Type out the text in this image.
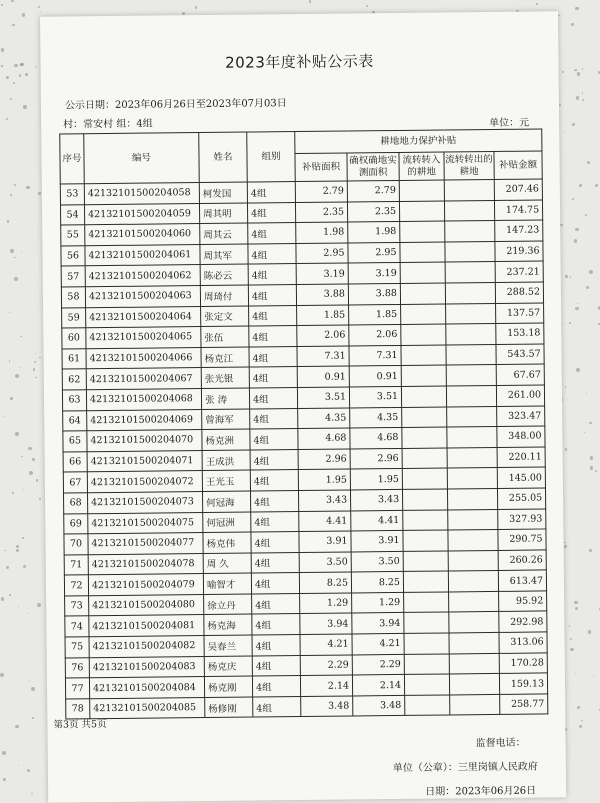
2023年度补贴公示表
公示日期：2023年06月26日至2023年07月03日
村：常安村 组：4组	单位：元
序号	编号	姓名	组别	耕地地力保护补贴				
				补贴面积	确权确地实测面积	流转转入的耕地	流转转出的耕地	补贴金额
53	42132101500204058	柯发国	4组	2.79	2.79			207.46
54	42132101500204059	周其明	4组	2.35	2.35			174.75
55	42132101500204060	周其云	4组	1.98	1.98			147.23
56	42132101500204061	周其军	4组	2.95	2.95			219.36
57	42132101500204062	陈必云	4组	3.19	3.19			237.21
58	42132101500204063	周琦付	4组	3.88	3.88			288.52
59	42132101500204064	张定文	4组	1.85	1.85			137.57
60	42132101500204065	张伍	4组	2.06	2.06			153.18
61	42132101500204066	杨克江	4组	7.31	7.31			543.57
62	42132101500204067	张光银	4组	0.91	0.91			67.67
63	42132101500204068	张 涛	4组	3.51	3.51			261.00
64	42132101500204069	曾海军	4组	4.35	4.35			323.47
65	42132101500204070	杨克洲	4组	4.68	4.68			348.00
66	42132101500204071	王成洪	4组	2.96	2.96			220.11
67	42132101500204072	王光玉	4组	1.95	1.95			145.00
68	42132101500204073	何冠海	4组	3.43	3.43			255.05
69	42132101500204075	何冠洲	4组	4.41	4.41			327.93
70	42132101500204077	杨克伟	4组	3.91	3.91			290.75
71	42132101500204078	周 久	4组	3.50	3.50			260.26
72	42132101500204079	喻智才	4组	8.25	8.25			613.47
73	42132101500204080	徐立丹	4组	1.29	1.29			95.92
74	42132101500204081	杨克海	4组	3.94	3.94			292.98
75	42132101500204082	吴春兰	4组	4.21	4.21			313.06
76	42132101500204083	杨克庆	4组	2.29	2.29			170.28
77	42132101500204084	杨克刚	4组	2.14	2.14			159.13
78	42132101500204085	杨修刚	4组	3.48	3.48			258.77
第3页 共5页
监督电话：
单位（公章）：三里岗镇人民政府
日期：2023年06月26日
